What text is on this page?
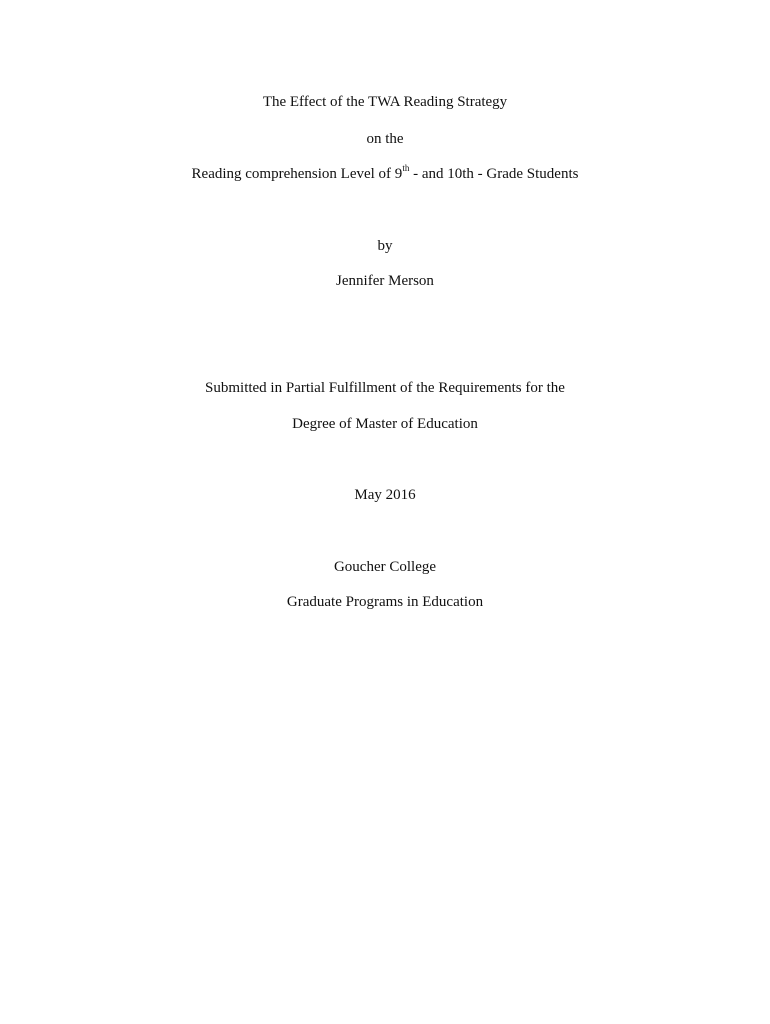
The Effect of the TWA Reading Strategy
on the
Reading comprehension Level of 9th - and 10th - Grade Students
by
Jennifer Merson
Submitted in Partial Fulfillment of the Requirements for the
Degree of Master of Education
May 2016
Goucher College
Graduate Programs in Education
